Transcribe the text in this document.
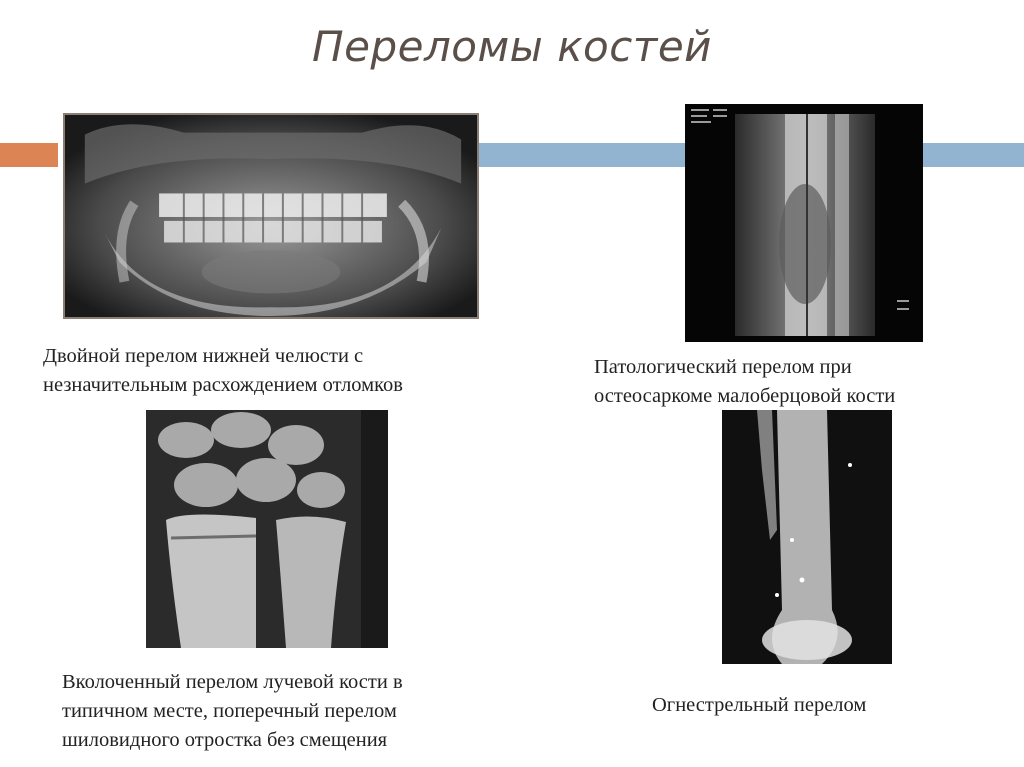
Переломы костей
Двойной перелом нижней челюсти с
незначительным расхождением отломков
Патологический перелом при
остеосаркоме малоберцовой кости
Вколоченный перелом лучевой кости в
типичном месте, поперечный перелом
шиловидного отростка без смещения
Огнестрельный перелом
